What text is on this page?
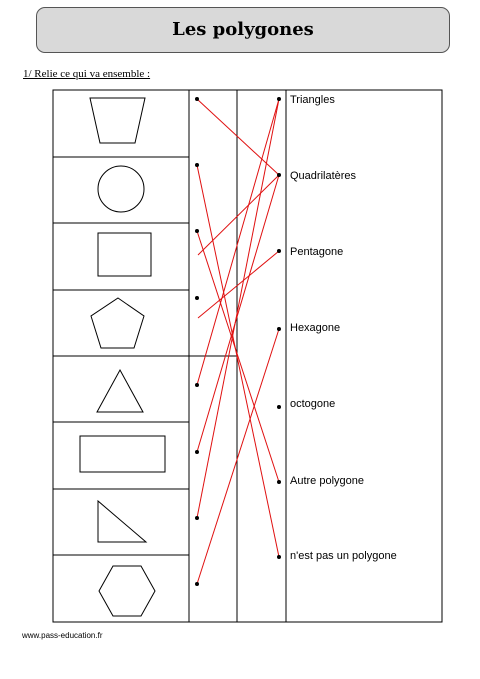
Les polygones
1/ Relie ce qui va ensemble :
Triangles
Quadrilatères
Pentagone
Hexagone
octogone
Autre polygone
n'est pas un polygone
www.pass-education.fr
